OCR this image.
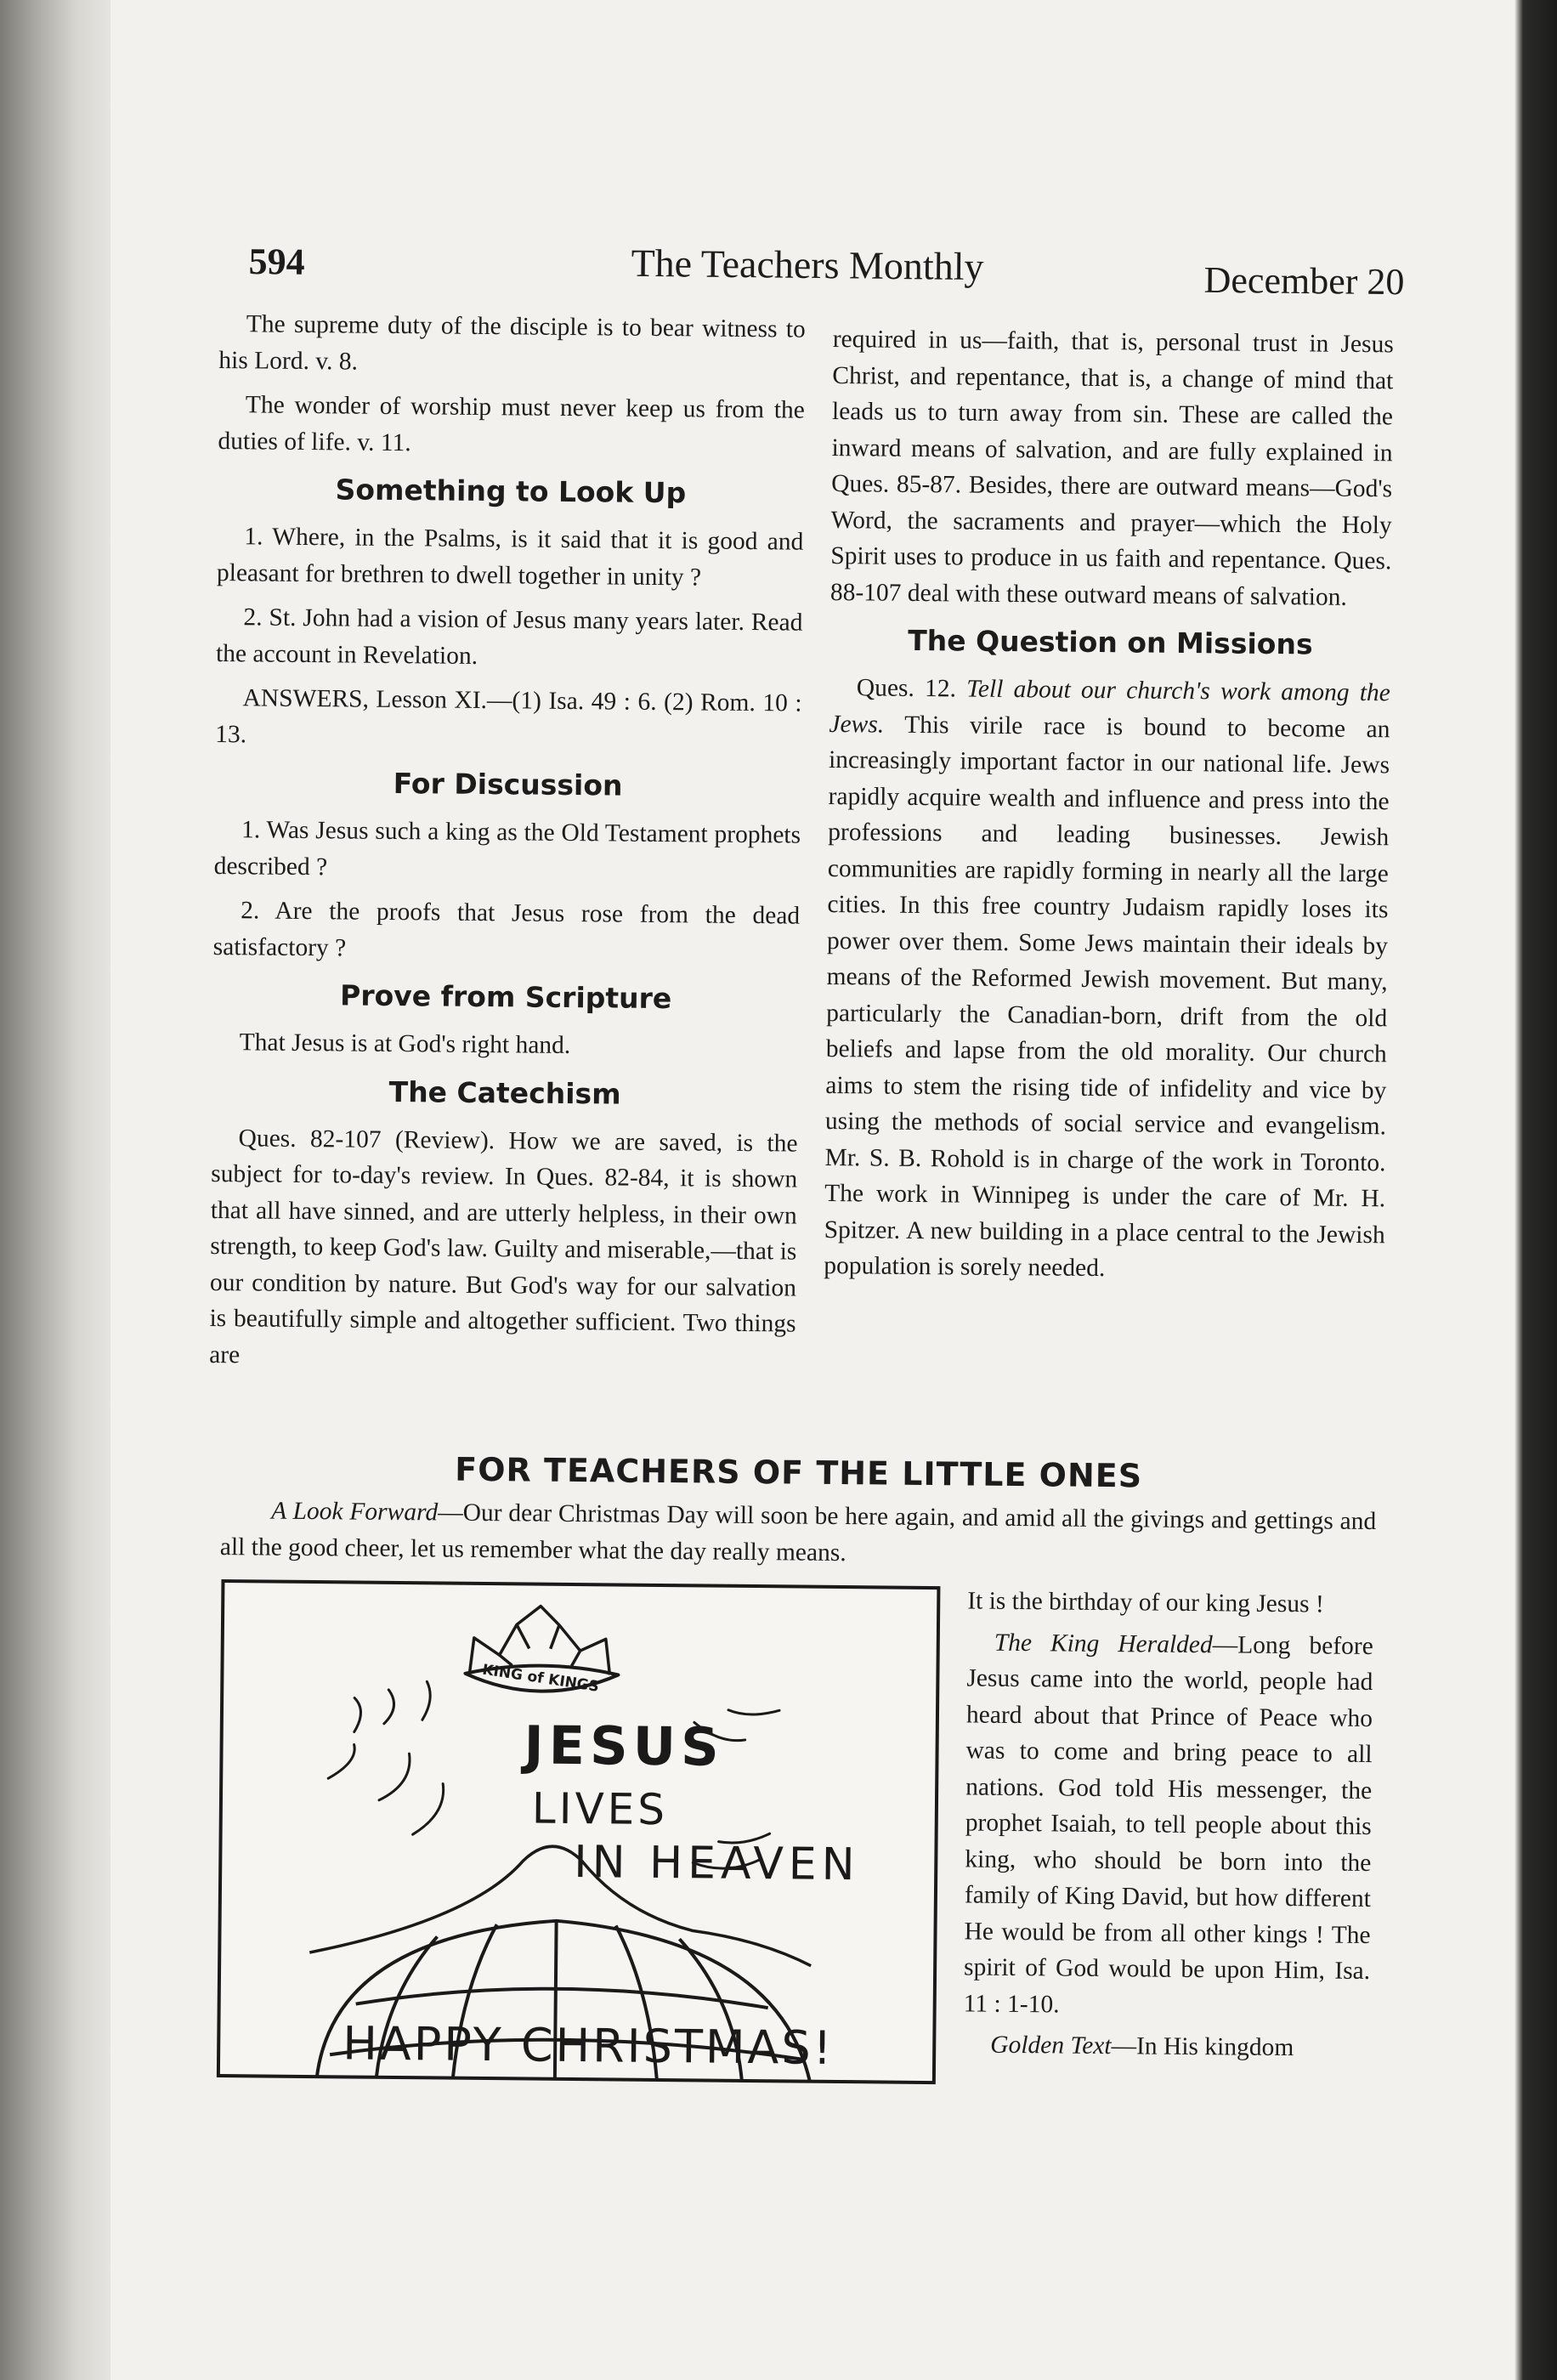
594	The Teachers Monthly	December 20

The supreme duty of the disciple is to bear witness to his Lord. v. 8.

The wonder of worship must never keep us from the duties of life. v. 11.

Something to Look Up

1. Where, in the Psalms, is it said that it is good and pleasant for brethren to dwell together in unity ?

2. St. John had a vision of Jesus many years later. Read the account in Revelation.

ANSWERS, Lesson XI.—(1) Isa. 49 : 6. (2) Rom. 10 : 13.

For Discussion

1. Was Jesus such a king as the Old Testament prophets described ?

2. Are the proofs that Jesus rose from the dead satisfactory ?

Prove from Scripture

That Jesus is at God's right hand.

The Catechism

Ques. 82-107 (Review). How we are saved, is the subject for to-day's review. In Ques. 82-84, it is shown that all have sinned, and are utterly helpless, in their own strength, to keep God's law. Guilty and miserable,—that is our condition by nature. But God's way for our salvation is beautifully simple and altogether sufficient. Two things are

required in us—faith, that is, personal trust in Jesus Christ, and repentance, that is, a change of mind that leads us to turn away from sin. These are called the inward means of salvation, and are fully explained in Ques. 85-87. Besides, there are outward means—God's Word, the sacraments and prayer—which the Holy Spirit uses to produce in us faith and repentance. Ques. 88-107 deal with these outward means of salvation.

The Question on Missions

Ques. 12. Tell about our church's work among the Jews. This virile race is bound to become an increasingly important factor in our national life. Jews rapidly acquire wealth and influence and press into the professions and leading businesses. Jewish communities are rapidly forming in nearly all the large cities. In this free country Judaism rapidly loses its power over them. Some Jews maintain their ideals by means of the Reformed Jewish movement. But many, particularly the Canadian-born, drift from the old beliefs and lapse from the old morality. Our church aims to stem the rising tide of infidelity and vice by using the methods of social service and evangelism. Mr. S. B. Rohold is in charge of the work in Toronto. The work in Winnipeg is under the care of Mr. H. Spitzer. A new building in a place central to the Jewish population is sorely needed.

FOR TEACHERS OF THE LITTLE ONES

A Look Forward—Our dear Christmas Day will soon be here again, and amid all the givings and gettings and all the good cheer, let us remember what the day really means.

KING of KINGS
JESUS
LIVES
IN HEAVEN
HAPPY CHRISTMAS!

It is the birthday of our king Jesus !

The King Heralded—Long before Jesus came into the world, people had heard about that Prince of Peace who was to come and bring peace to all nations. God told His messenger, the prophet Isaiah, to tell people about this king, who should be born into the family of King David, but how different He would be from all other kings ! The spirit of God would be upon Him, Isa. 11 : 1-10.

Golden Text—In His kingdom
